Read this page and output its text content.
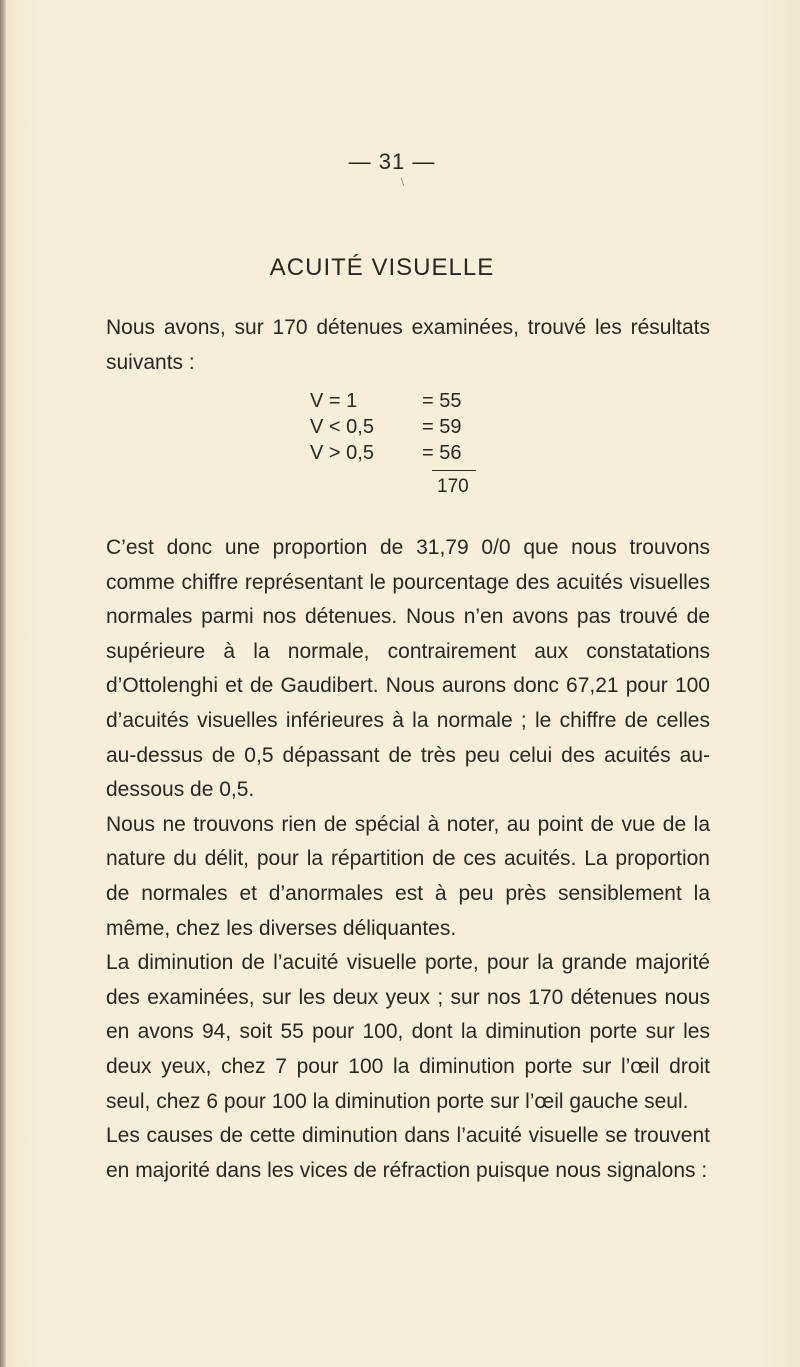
— 31 —
ACUITÉ VISUELLE

Nous avons, sur 170 détenues examinées, trouvé les résultats suivants :

V = 1	= 55
V < 0,5	= 59
V > 0,5	= 56
170

C’est donc une proportion de 31,79 0/0 que nous trouvons comme chiffre représentant le pourcentage des acuités visuelles normales parmi nos détenues. Nous n’en avons pas trouvé de supérieure à la normale, contrairement aux constatations d’Ottolenghi et de Gaudibert. Nous aurons donc 67,21 pour 100 d’acuités visuelles inférieures à la normale ; le chiffre de celles au-dessus de 0,5 dépassant de très peu celui des acuités au-dessous de 0,5.

Nous ne trouvons rien de spécial à noter, au point de vue de la nature du délit, pour la répartition de ces acuités. La proportion de normales et d’anormales est à peu près sensiblement la même, chez les diverses déliquantes.

La diminution de l’acuité visuelle porte, pour la grande majorité des examinées, sur les deux yeux ; sur nos 170 détenues nous en avons 94, soit 55 pour 100, dont la diminution porte sur les deux yeux, chez 7 pour 100 la diminution porte sur l’œil droit seul, chez 6 pour 100 la diminution porte sur l’œil gauche seul.

Les causes de cette diminution dans l’acuité visuelle se trouvent en majorité dans les vices de réfraction puisque nous signalons :
